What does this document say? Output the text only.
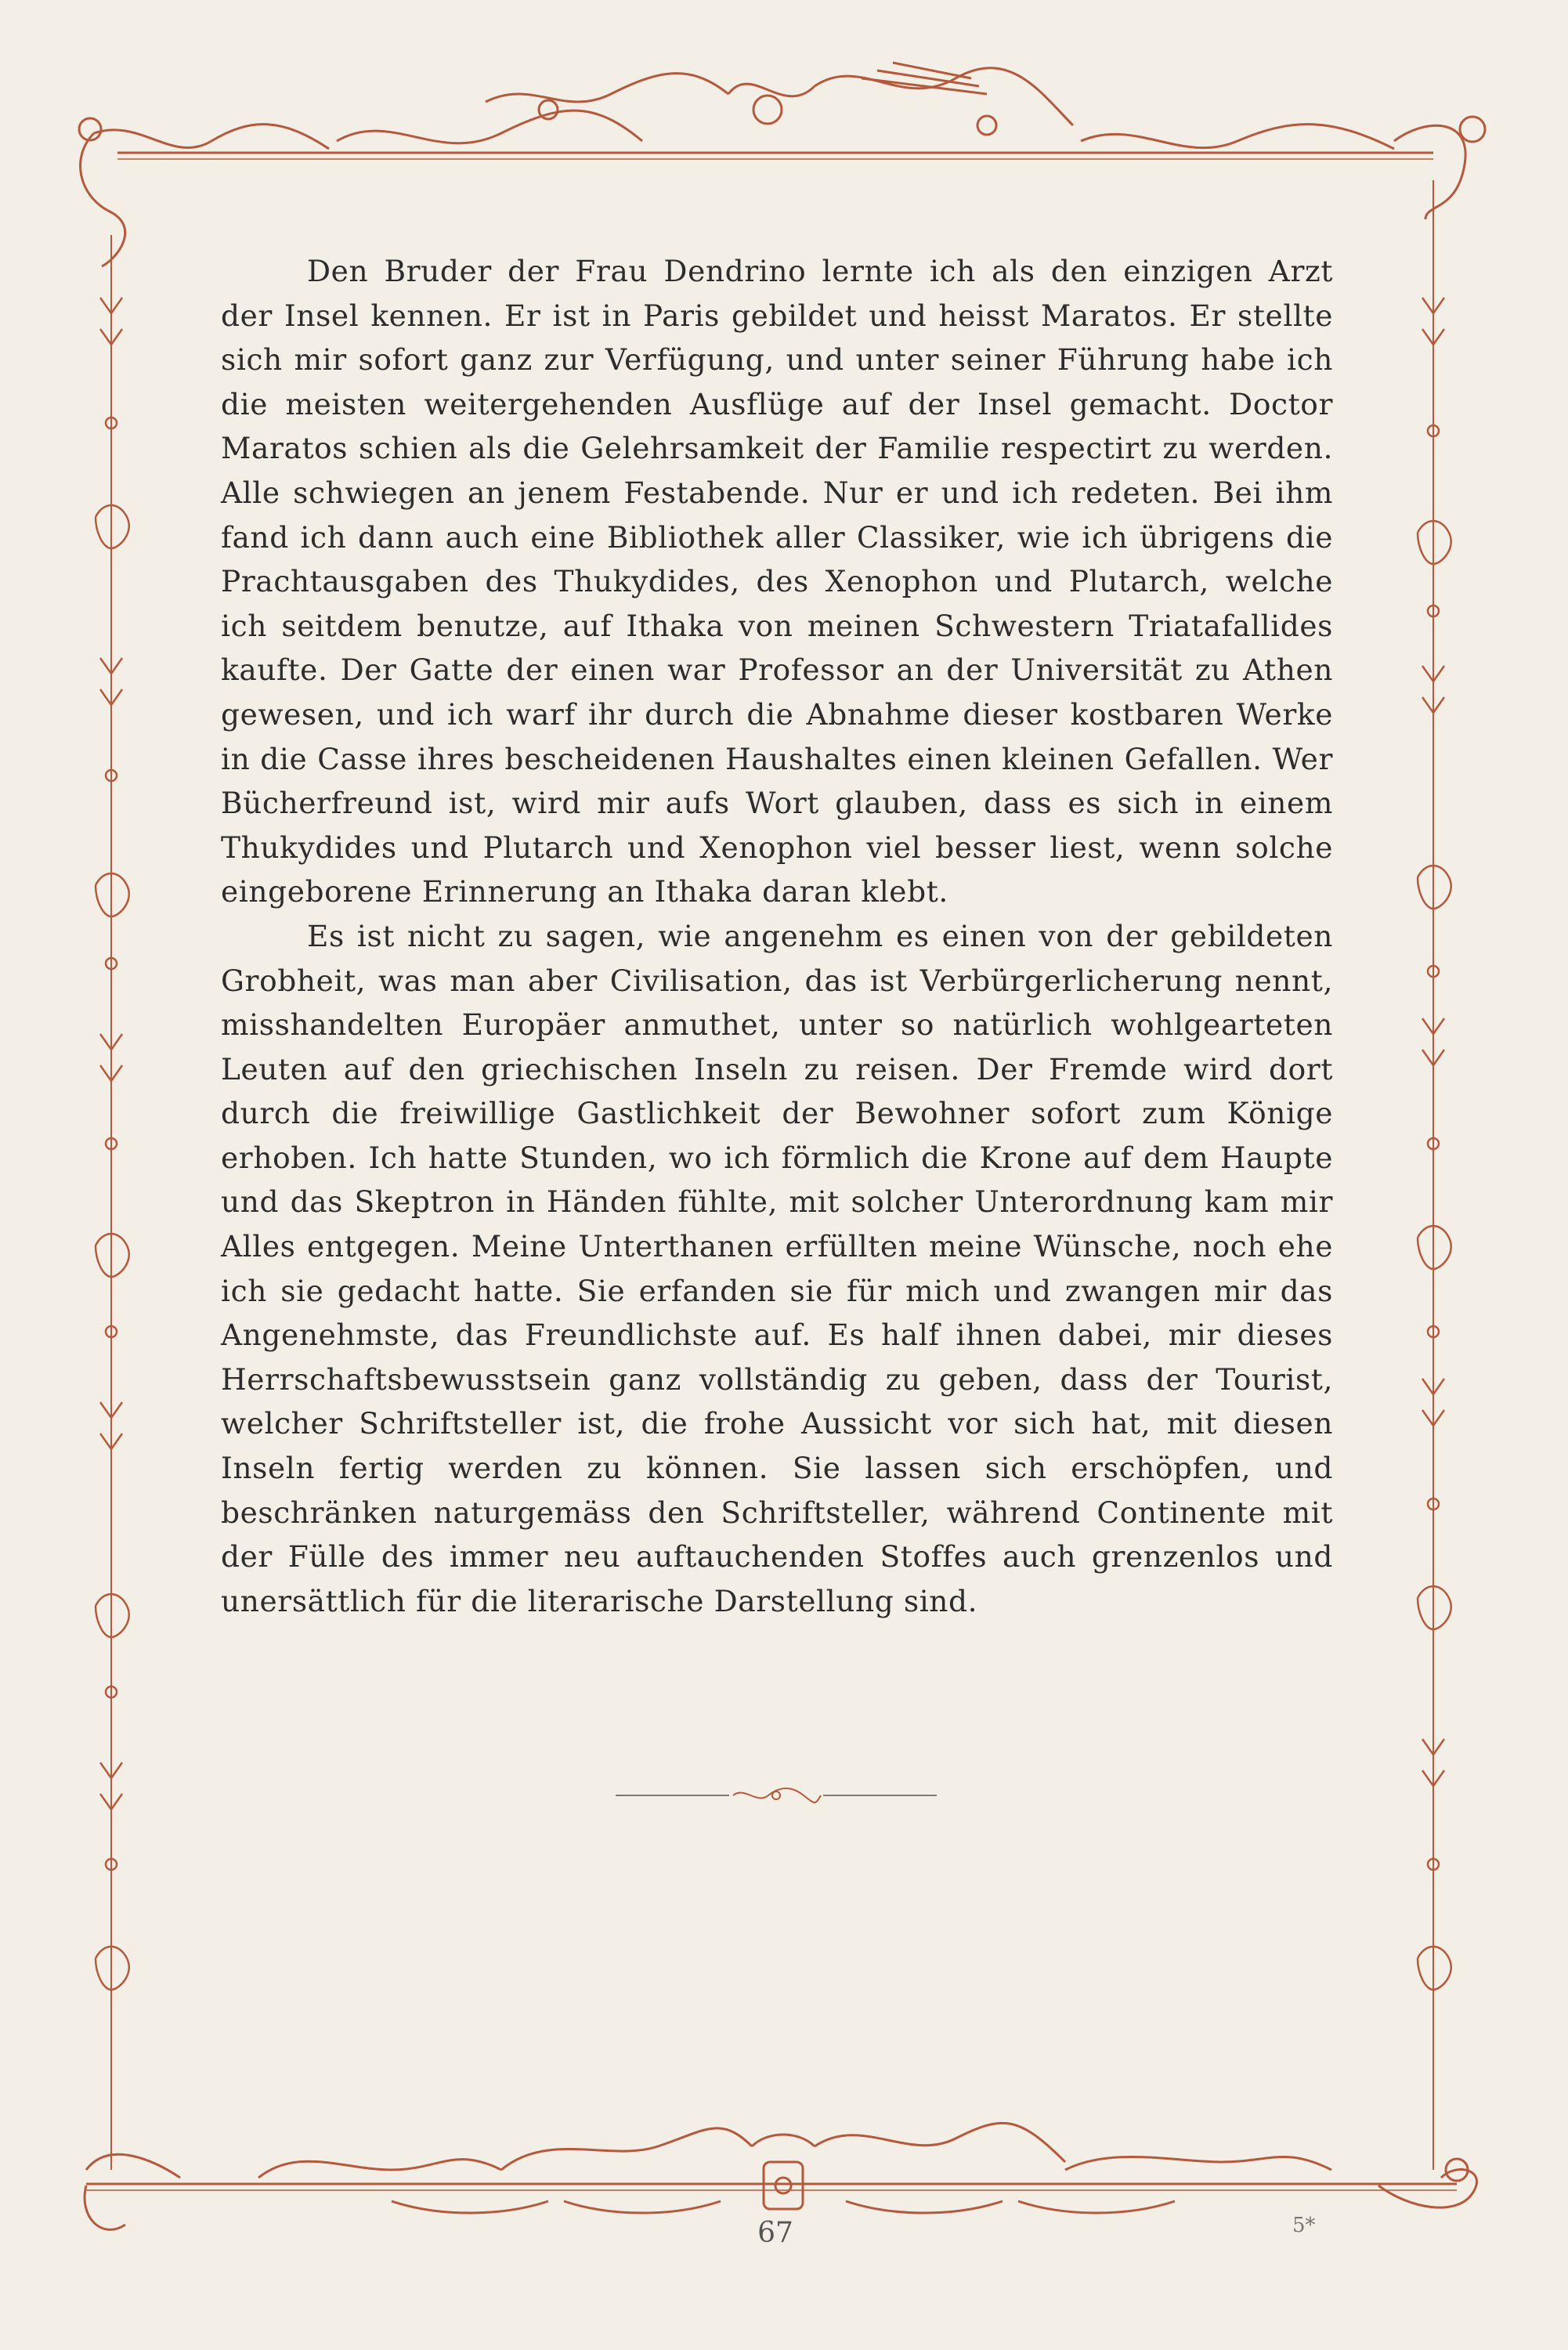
Den Bruder der Frau Dendrino lernte ich als den einzigen Arzt der Insel kennen. Er ist in Paris gebildet und heisst Maratos. Er stellte sich mir sofort ganz zur Verfügung, und unter seiner Führung habe ich die meisten weitergehenden Ausflüge auf der Insel gemacht. Doctor Maratos schien als die Gelehrsamkeit der Familie respectirt zu werden. Alle schwiegen an jenem Festabende. Nur er und ich redeten. Bei ihm fand ich dann auch eine Bibliothek aller Classiker, wie ich übrigens die Prachtausgaben des Thukydides, des Xenophon und Plutarch, welche ich seitdem benutze, auf Ithaka von meinen Schwestern Triatafallides kaufte. Der Gatte der einen war Professor an der Universität zu Athen gewesen, und ich warf ihr durch die Abnahme dieser kostbaren Werke in die Casse ihres bescheidenen Haushaltes einen kleinen Gefallen. Wer Bücherfreund ist, wird mir aufs Wort glauben, dass es sich in einem Thukydides und Plutarch und Xenophon viel besser liest, wenn solche eingeborene Erinnerung an Ithaka daran klebt.

Es ist nicht zu sagen, wie angenehm es einen von der gebildeten Grobheit, was man aber Civilisation, das ist Verbürgerlicherung nennt, misshandelten Europäer anmuthet, unter so natürlich wohlgearteten Leuten auf den griechischen Inseln zu reisen. Der Fremde wird dort durch die freiwillige Gastlichkeit der Bewohner sofort zum Könige erhoben. Ich hatte Stunden, wo ich förmlich die Krone auf dem Haupte und das Skeptron in Händen fühlte, mit solcher Unterordnung kam mir Alles entgegen. Meine Unterthanen erfüllten meine Wünsche, noch ehe ich sie gedacht hatte. Sie erfanden sie für mich und zwangen mir das Angenehmste, das Freundlichste auf. Es half ihnen dabei, mir dieses Herrschaftsbewusstsein ganz vollständig zu geben, dass der Tourist, welcher Schriftsteller ist, die frohe Aussicht vor sich hat, mit diesen Inseln fertig werden zu können. Sie lassen sich erschöpfen, und beschränken naturgemäss den Schriftsteller, während Continente mit der Fülle des immer neu auftauchenden Stoffes auch grenzenlos und unersättlich für die literarische Darstellung sind.

67	5*
